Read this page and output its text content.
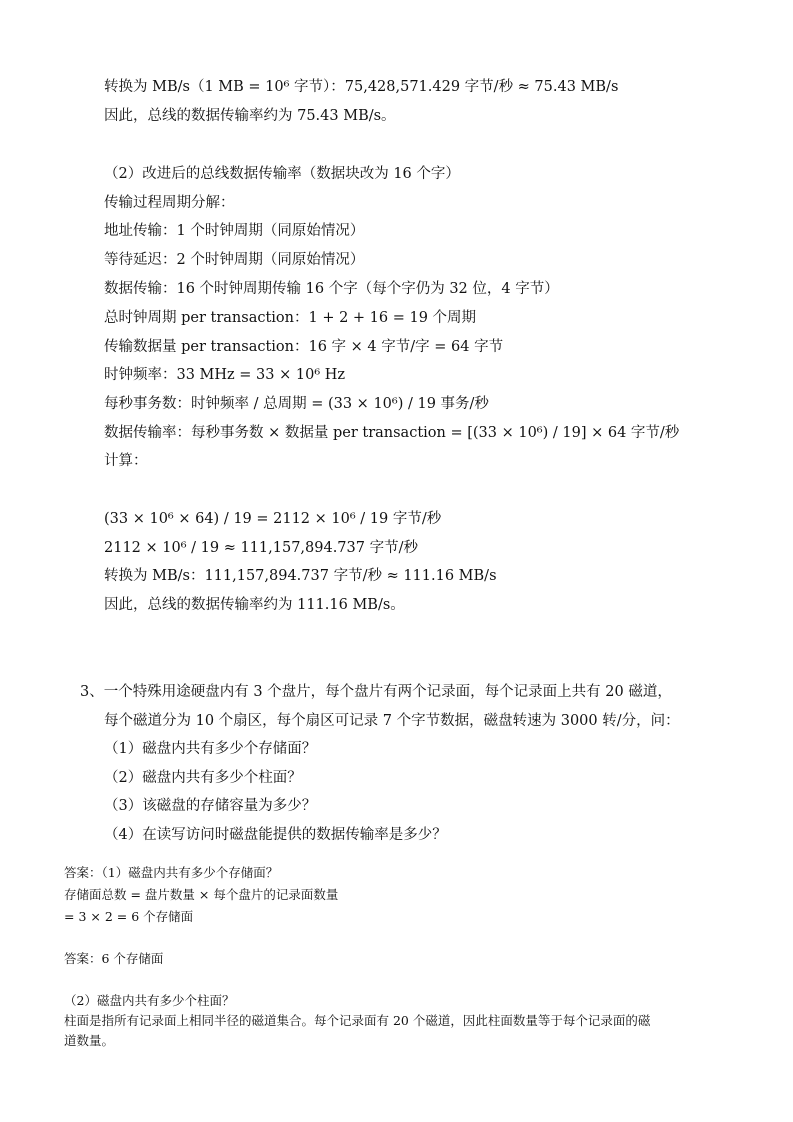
转换为 MB/s（1 MB = 10⁶ 字节）：75,428,571.429 字节/秒 ≈ 75.43 MB/s
因此，总线的数据传输率约为 75.43 MB/s。
（2）改进后的总线数据传输率（数据块改为 16 个字）
传输过程周期分解：
地址传输：1 个时钟周期（同原始情况）
等待延迟：2 个时钟周期（同原始情况）
数据传输：16 个时钟周期传输 16 个字（每个字仍为 32 位，4 字节）
总时钟周期 per transaction：1 + 2 + 16 = 19 个周期
传输数据量 per transaction：16 字 × 4 字节/字 = 64 字节
时钟频率：33 MHz = 33 × 10⁶ Hz
每秒事务数：时钟频率 / 总周期 = (33 × 10⁶) / 19 事务/秒
数据传输率：每秒事务数 × 数据量 per transaction = [(33 × 10⁶) / 19] × 64 字节/秒
计算：
(33 × 10⁶ × 64) / 19 = 2112 × 10⁶ / 19 字节/秒
2112 × 10⁶ / 19 ≈ 111,157,894.737 字节/秒
转换为 MB/s：111,157,894.737 字节/秒 ≈ 111.16 MB/s
因此，总线的数据传输率约为 111.16 MB/s。
3、一个特殊用途硬盘内有 3 个盘片，每个盘片有两个记录面，每个记录面上共有 20 磁道，
每个磁道分为 10 个扇区，每个扇区可记录 7 个字节数据，磁盘转速为 3000 转/分，问：
（1）磁盘内共有多少个存储面？
（2）磁盘内共有多少个柱面？
（3）该磁盘的存储容量为多少？
（4）在读写访问时磁盘能提供的数据传输率是多少？
答案：（1）磁盘内共有多少个存储面？
存储面总数 = 盘片数量 × 每个盘片的记录面数量
= 3 × 2 = 6 个存储面
答案：6 个存储面
（2）磁盘内共有多少个柱面？
柱面是指所有记录面上相同半径的磁道集合。每个记录面有 20 个磁道，因此柱面数量等于每个记录面的磁
道数量。
